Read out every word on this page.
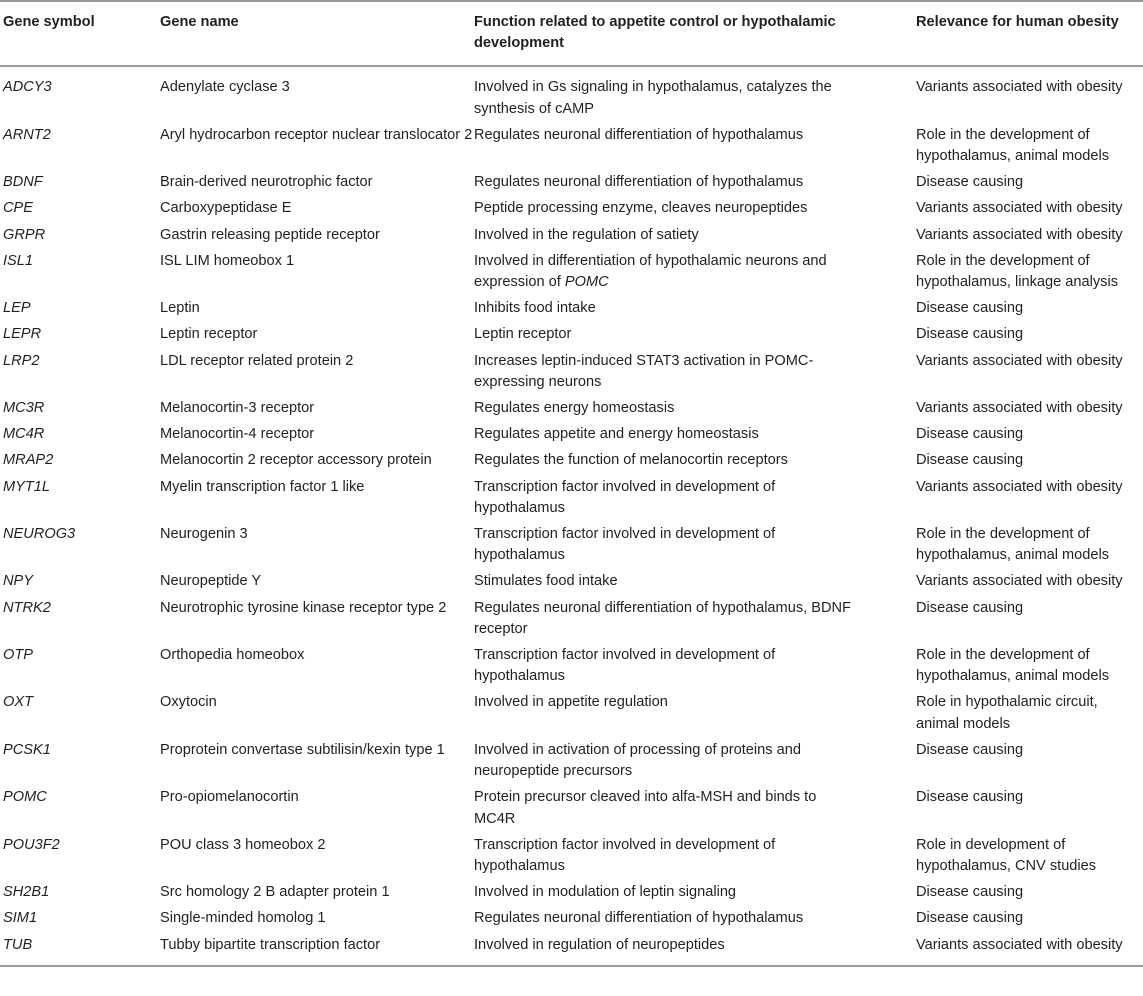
Gene symbol	Gene name	Function related to appetite control or hypothalamic development	Relevance for human obesity
ADCY3	Adenylate cyclase 3	Involved in Gs signaling in hypothalamus, catalyzes the synthesis of cAMP	Variants associated with obesity
ARNT2	Aryl hydrocarbon receptor nuclear translocator 2	Regulates neuronal differentiation of hypothalamus	Role in the development of hypothalamus, animal models
BDNF	Brain-derived neurotrophic factor	Regulates neuronal differentiation of hypothalamus	Disease causing
CPE	Carboxypeptidase E	Peptide processing enzyme, cleaves neuropeptides	Variants associated with obesity
GRPR	Gastrin releasing peptide receptor	Involved in the regulation of satiety	Variants associated with obesity
ISL1	ISL LIM homeobox 1	Involved in differentiation of hypothalamic neurons and expression of POMC	Role in the development of hypothalamus, linkage analysis
LEP	Leptin	Inhibits food intake	Disease causing
LEPR	Leptin receptor	Leptin receptor	Disease causing
LRP2	LDL receptor related protein 2	Increases leptin-induced STAT3 activation in POMC-expressing neurons	Variants associated with obesity
MC3R	Melanocortin-3 receptor	Regulates energy homeostasis	Variants associated with obesity
MC4R	Melanocortin-4 receptor	Regulates appetite and energy homeostasis	Disease causing
MRAP2	Melanocortin 2 receptor accessory protein	Regulates the function of melanocortin receptors	Disease causing
MYT1L	Myelin transcription factor 1 like	Transcription factor involved in development of hypothalamus	Variants associated with obesity
NEUROG3	Neurogenin 3	Transcription factor involved in development of hypothalamus	Role in the development of hypothalamus, animal models
NPY	Neuropeptide Y	Stimulates food intake	Variants associated with obesity
NTRK2	Neurotrophic tyrosine kinase receptor type 2	Regulates neuronal differentiation of hypothalamus, BDNF receptor	Disease causing
OTP	Orthopedia homeobox	Transcription factor involved in development of hypothalamus	Role in the development of hypothalamus, animal models
OXT	Oxytocin	Involved in appetite regulation	Role in hypothalamic circuit, animal models
PCSK1	Proprotein convertase subtilisin/kexin type 1	Involved in activation of processing of proteins and neuropeptide precursors	Disease causing
POMC	Pro-opiomelanocortin	Protein precursor cleaved into alfa-MSH and binds to MC4R	Disease causing
POU3F2	POU class 3 homeobox 2	Transcription factor involved in development of hypothalamus	Role in development of hypothalamus, CNV studies
SH2B1	Src homology 2 B adapter protein 1	Involved in modulation of leptin signaling	Disease causing
SIM1	Single-minded homolog 1	Regulates neuronal differentiation of hypothalamus	Disease causing
TUB	Tubby bipartite transcription factor	Involved in regulation of neuropeptides	Variants associated with obesity
